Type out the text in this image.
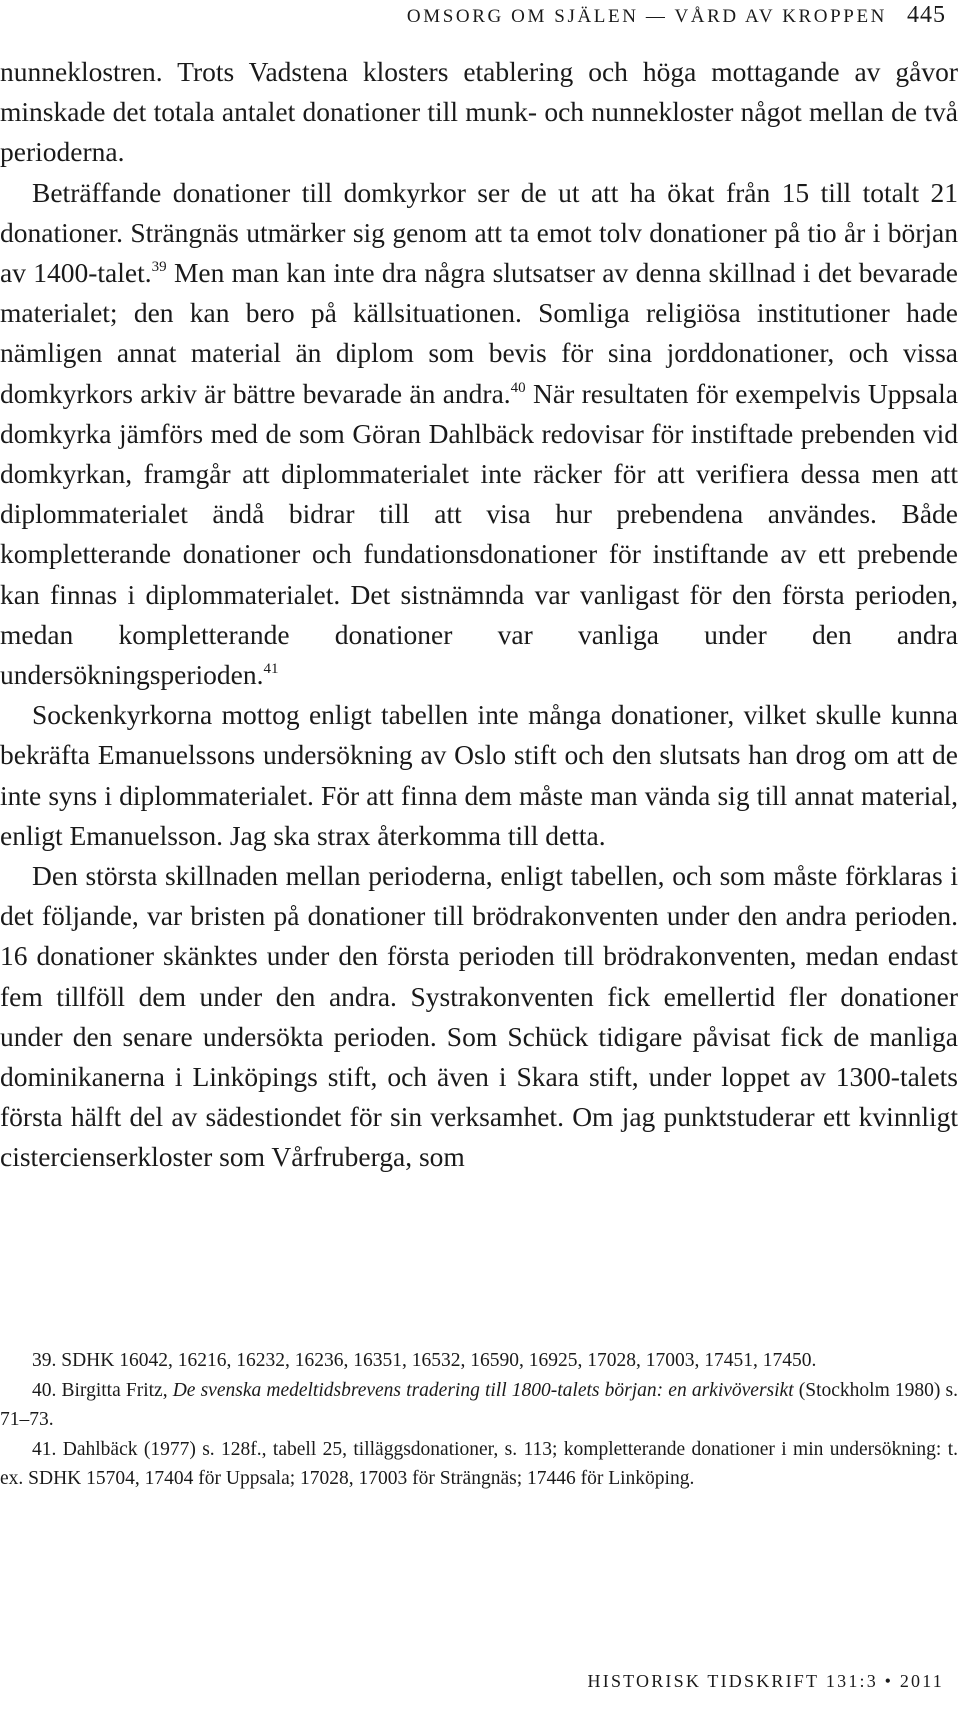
OMSORG OM SJÄLEN — VÅRD AV KROPPEN 445

nunneklostren. Trots Vadstena klosters etablering och höga mottagande av gåvor minskade det totala antalet donationer till munk- och nunnekloster något mellan de två perioderna.

Beträffande donationer till domkyrkor ser de ut att ha ökat från 15 till totalt 21 donationer. Strängnäs utmärker sig genom att ta emot tolv donationer på tio år i början av 1400-talet.$^{39}$ Men man kan inte dra några slutsatser av denna skillnad i det bevarade materialet; den kan bero på källsituationen. Somliga religiösa institutioner hade nämligen annat material än diplom som bevis för sina jorddonationer, och vissa domkyrkors arkiv är bättre bevarade än andra.$^{40}$ När resultaten för exempelvis Uppsala domkyrka jämförs med de som Göran Dahlbäck redovisar för instiftade prebenden vid domkyrkan, framgår att diplommaterialet inte räcker för att verifiera dessa men att diplommaterialet ändå bidrar till att visa hur prebendena användes. Både kompletterande donationer och fundationsdonationer för instiftande av ett prebende kan finnas i diplommaterialet. Det sistnämnda var vanligast för den första perioden, medan kompletterande donationer var vanliga under den andra undersökningsperioden.$^{41}$

Sockenkyrkorna mottog enligt tabellen inte många donationer, vilket skulle kunna bekräfta Emanuelssons undersökning av Oslo stift och den slutsats han drog om att de inte syns i diplommaterialet. För att finna dem måste man vända sig till annat material, enligt Emanuelsson. Jag ska strax återkomma till detta.

Den största skillnaden mellan perioderna, enligt tabellen, och som måste förklaras i det följande, var bristen på donationer till brödrakonventen under den andra perioden. 16 donationer skänktes under den första perioden till brödrakonventen, medan endast fem tillföll dem under den andra. Systrakonventen fick emellertid fler donationer under den senare undersökta perioden. Som Schück tidigare påvisat fick de manliga dominikanerna i Linköpings stift, och även i Skara stift, under loppet av 1300-talets första hälft del av sädestiondet för sin verksamhet. Om jag punktstuderar ett kvinnligt cistercienserkloster som Vårfruberga, som

39. SDHK 16042, 16216, 16232, 16236, 16351, 16532, 16590, 16925, 17028, 17003, 17451, 17450.

40. Birgitta Fritz, De svenska medeltidsbrevens tradering till 1800-talets början: en arkivöversikt (Stockholm 1980) s. 71–73.

41. Dahlbäck (1977) s. 128f., tabell 25, tilläggsdonationer, s. 113; kompletterande donationer i min undersökning: t. ex. SDHK 15704, 17404 för Uppsala; 17028, 17003 för Strängnäs; 17446 för Linköping.

HISTORISK TIDSKRIFT 131:3 • 2011
